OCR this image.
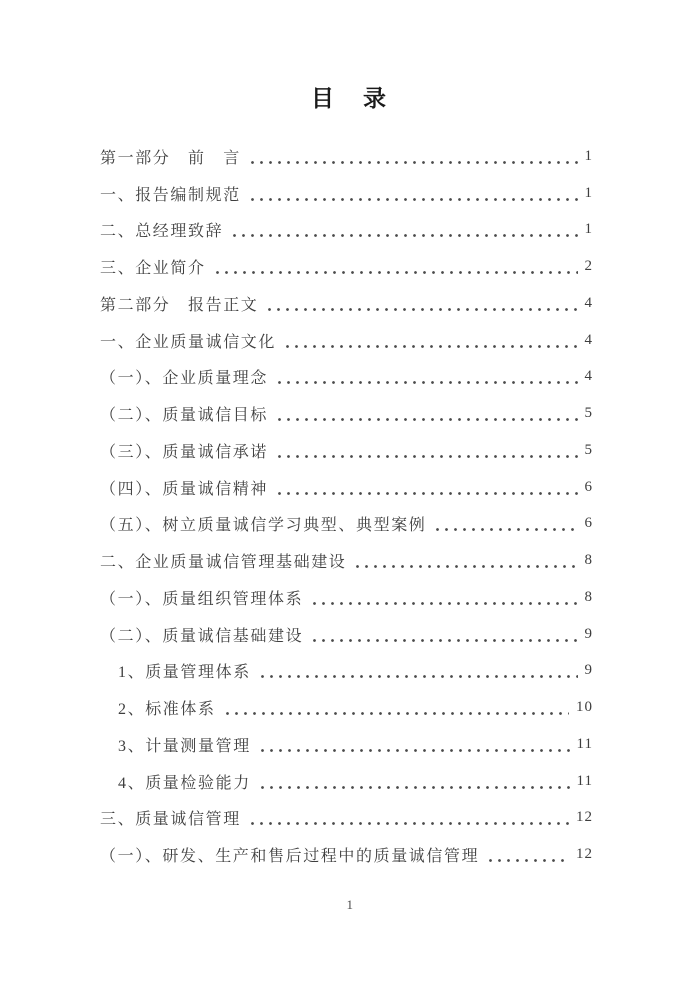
目　录
第一部分　前　言	1
一、报告编制规范	1
二、总经理致辞	1
三、企业简介	2
第二部分　报告正文	4
一、企业质量诚信文化	4
（一）、企业质量理念	4
（二）、质量诚信目标	5
（三）、质量诚信承诺	5
（四）、质量诚信精神	6
（五）、树立质量诚信学习典型、典型案例	6
二、企业质量诚信管理基础建设	8
（一）、质量组织管理体系	8
（二）、质量诚信基础建设	9
1、质量管理体系	9
2、标准体系	10
3、计量测量管理	11
4、质量检验能力	11
三、质量诚信管理	12
（一）、研发、生产和售后过程中的质量诚信管理	12
1
